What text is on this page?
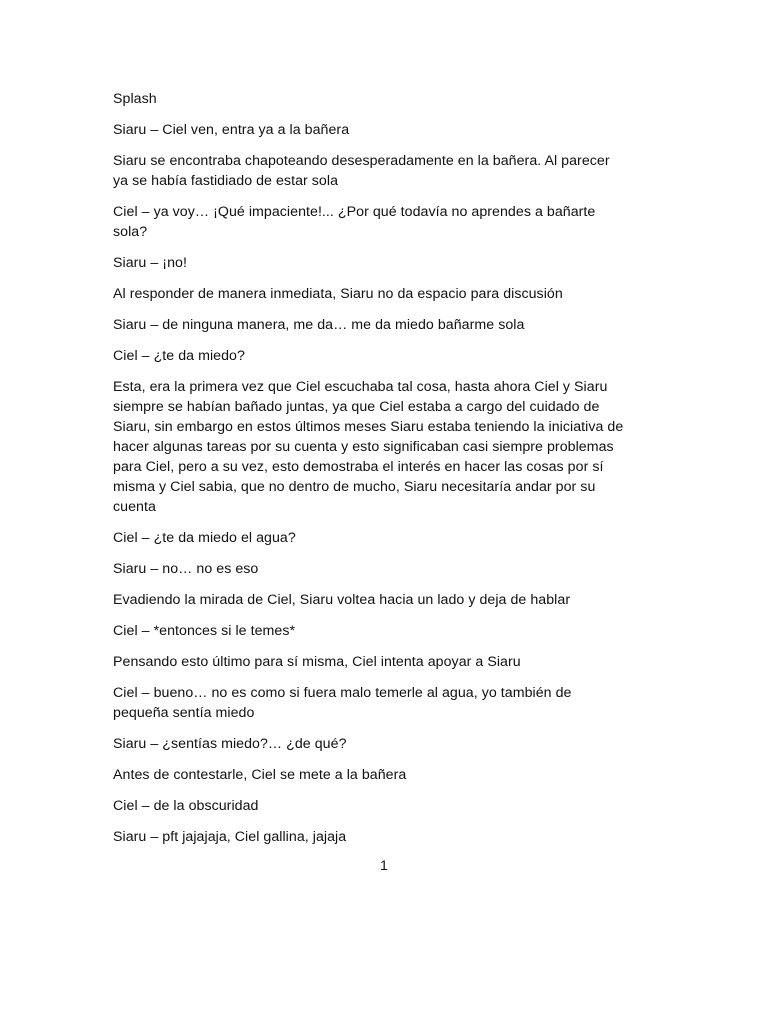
Splash

Siaru – Ciel ven, entra ya a la bañera

Siaru se encontraba chapoteando desesperadamente en la bañera. Al parecer
ya se había fastidiado de estar sola

Ciel – ya voy… ¡Qué impaciente!... ¿Por qué todavía no aprendes a bañarte
sola?

Siaru – ¡no!

Al responder de manera inmediata, Siaru no da espacio para discusión

Siaru – de ninguna manera, me da… me da miedo bañarme sola

Ciel – ¿te da miedo?

Esta, era la primera vez que Ciel escuchaba tal cosa, hasta ahora Ciel y Siaru
siempre se habían bañado juntas, ya que Ciel estaba a cargo del cuidado de
Siaru, sin embargo en estos últimos meses Siaru estaba teniendo la iniciativa de
hacer algunas tareas por su cuenta y esto significaban casi siempre problemas
para Ciel, pero a su vez, esto demostraba el interés en hacer las cosas por sí
misma y Ciel sabia, que no dentro de mucho, Siaru necesitaría andar por su
cuenta

Ciel – ¿te da miedo el agua?

Siaru – no… no es eso

Evadiendo la mirada de Ciel, Siaru voltea hacia un lado y deja de hablar

Ciel – *entonces si le temes*

Pensando esto último para sí misma, Ciel intenta apoyar a Siaru

Ciel – bueno… no es como si fuera malo temerle al agua, yo también de
pequeña sentía miedo

Siaru – ¿sentías miedo?… ¿de qué?

Antes de contestarle, Ciel se mete a la bañera

Ciel – de la obscuridad

Siaru – pft jajajaja, Ciel gallina, jajaja

1
